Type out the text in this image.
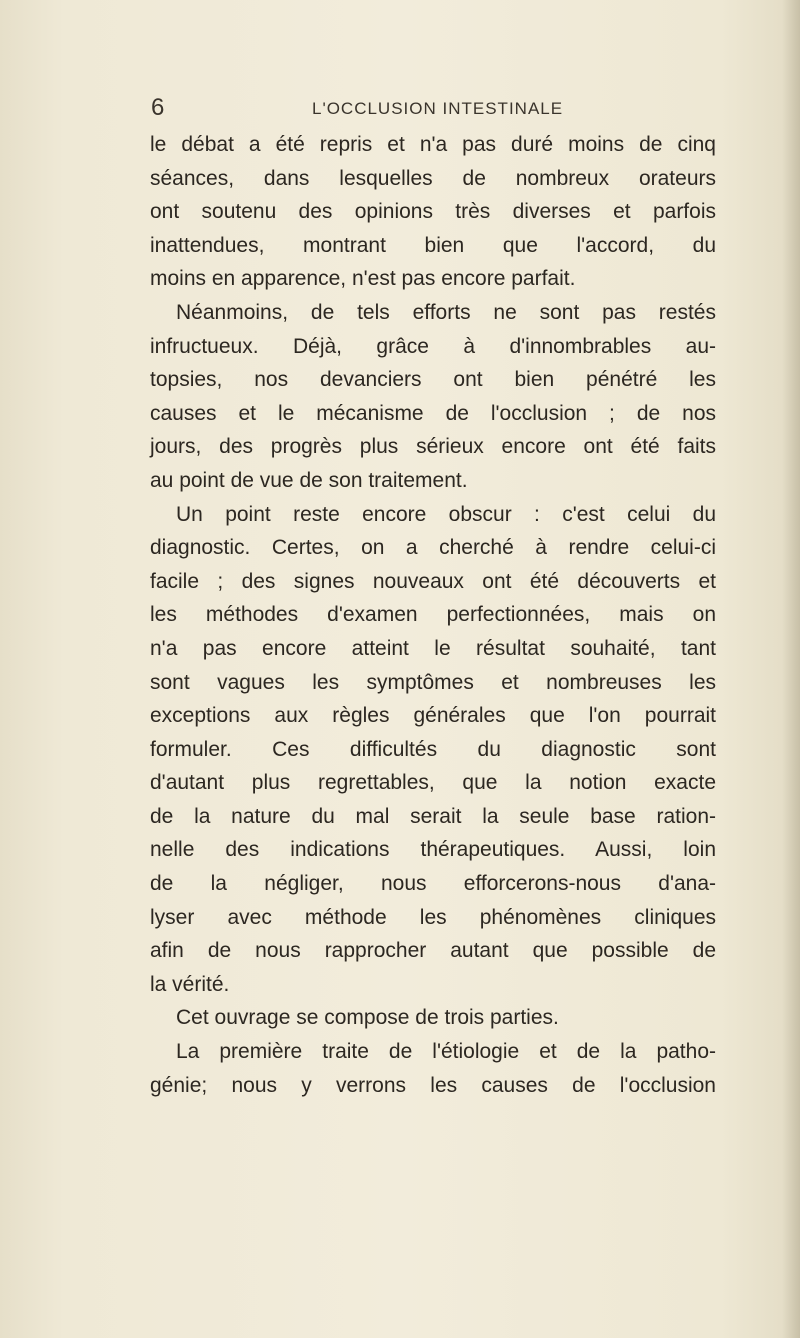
6	L'OCCLUSION INTESTINALE
le débat a été repris et n'a pas duré moins de cinq
séances, dans lesquelles de nombreux orateurs
ont soutenu des opinions très diverses et parfois
inattendues, montrant bien que l'accord, du
moins en apparence, n'est pas encore parfait.
Néanmoins, de tels efforts ne sont pas restés
infructueux. Déjà, grâce à d'innombrables au-
topsies, nos devanciers ont bien pénétré les
causes et le mécanisme de l'occlusion ; de nos
jours, des progrès plus sérieux encore ont été faits
au point de vue de son traitement.
Un point reste encore obscur : c'est celui du
diagnostic. Certes, on a cherché à rendre celui-ci
facile ; des signes nouveaux ont été découverts et
les méthodes d'examen perfectionnées, mais on
n'a pas encore atteint le résultat souhaité, tant
sont vagues les symptômes et nombreuses les
exceptions aux règles générales que l'on pourrait
formuler. Ces difficultés du diagnostic sont
d'autant plus regrettables, que la notion exacte
de la nature du mal serait la seule base ration-
nelle des indications thérapeutiques. Aussi, loin
de la négliger, nous efforcerons-nous d'ana-
lyser avec méthode les phénomènes cliniques
afin de nous rapprocher autant que possible de
la vérité.
Cet ouvrage se compose de trois parties.
La première traite de l'étiologie et de la patho-
génie; nous y verrons les causes de l'occlusion
